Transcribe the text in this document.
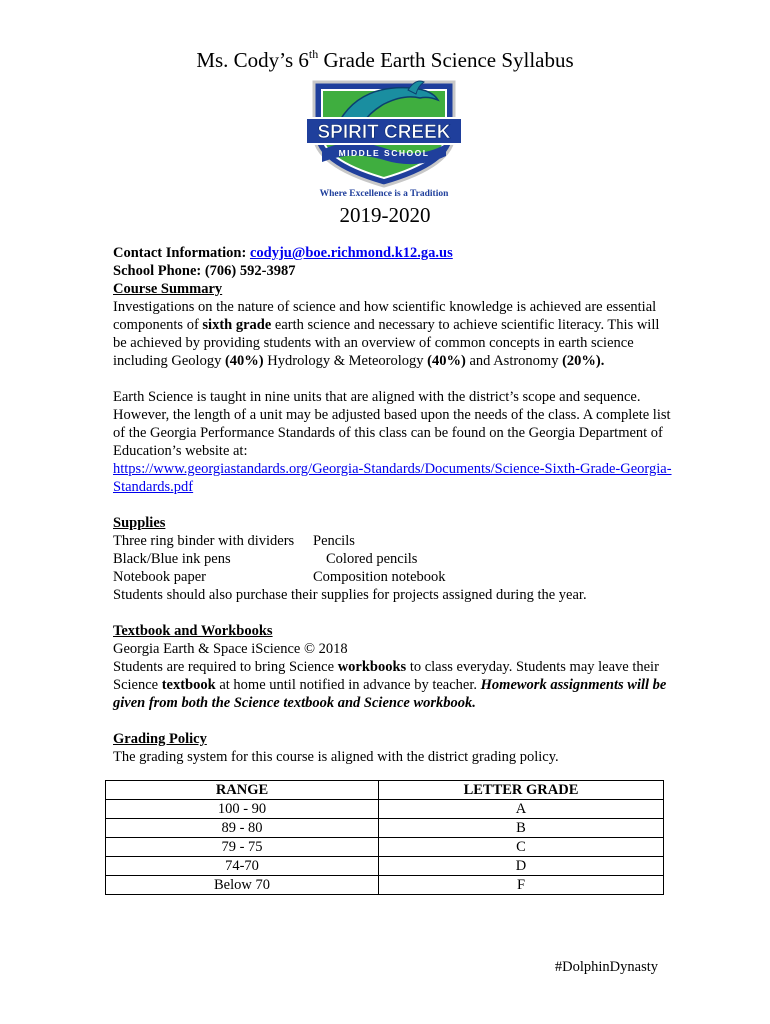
Ms. Cody’s 6th Grade Earth Science Syllabus
SPIRIT CREEK
MIDDLE SCHOOL
Where Excellence is a Tradition
2019-2020
Contact Information: codyju@boe.richmond.k12.ga.us
School Phone: (706) 592-3987
Course Summary
Investigations on the nature of science and how scientific knowledge is achieved are essential components of sixth grade earth science and necessary to achieve scientific literacy. This will be achieved by providing students with an overview of common concepts in earth science including Geology (40%) Hydrology & Meteorology (40%) and Astronomy (20%).
Earth Science is taught in nine units that are aligned with the district’s scope and sequence. However, the length of a unit may be adjusted based upon the needs of the class. A complete list of the Georgia Performance Standards of this class can be found on the Georgia Department of Education’s website at:
https://www.georgiastandards.org/Georgia-Standards/Documents/Science-Sixth-Grade-Georgia-Standards.pdf
Supplies
Three ring binder with dividers	Pencils
Black/Blue ink pens	Colored pencils
Notebook paper	Composition notebook
Students should also purchase their supplies for projects assigned during the year.
Textbook and Workbooks
Georgia Earth & Space iScience © 2018
Students are required to bring Science workbooks to class everyday. Students may leave their Science textbook at home until notified in advance by teacher. Homework assignments will be given from both the Science textbook and Science workbook.
Grading Policy
The grading system for this course is aligned with the district grading policy.
RANGE	LETTER GRADE
100 - 90	A
89 - 80	B
79 - 75	C
74-70	D
Below 70	F
#DolphinDynasty
